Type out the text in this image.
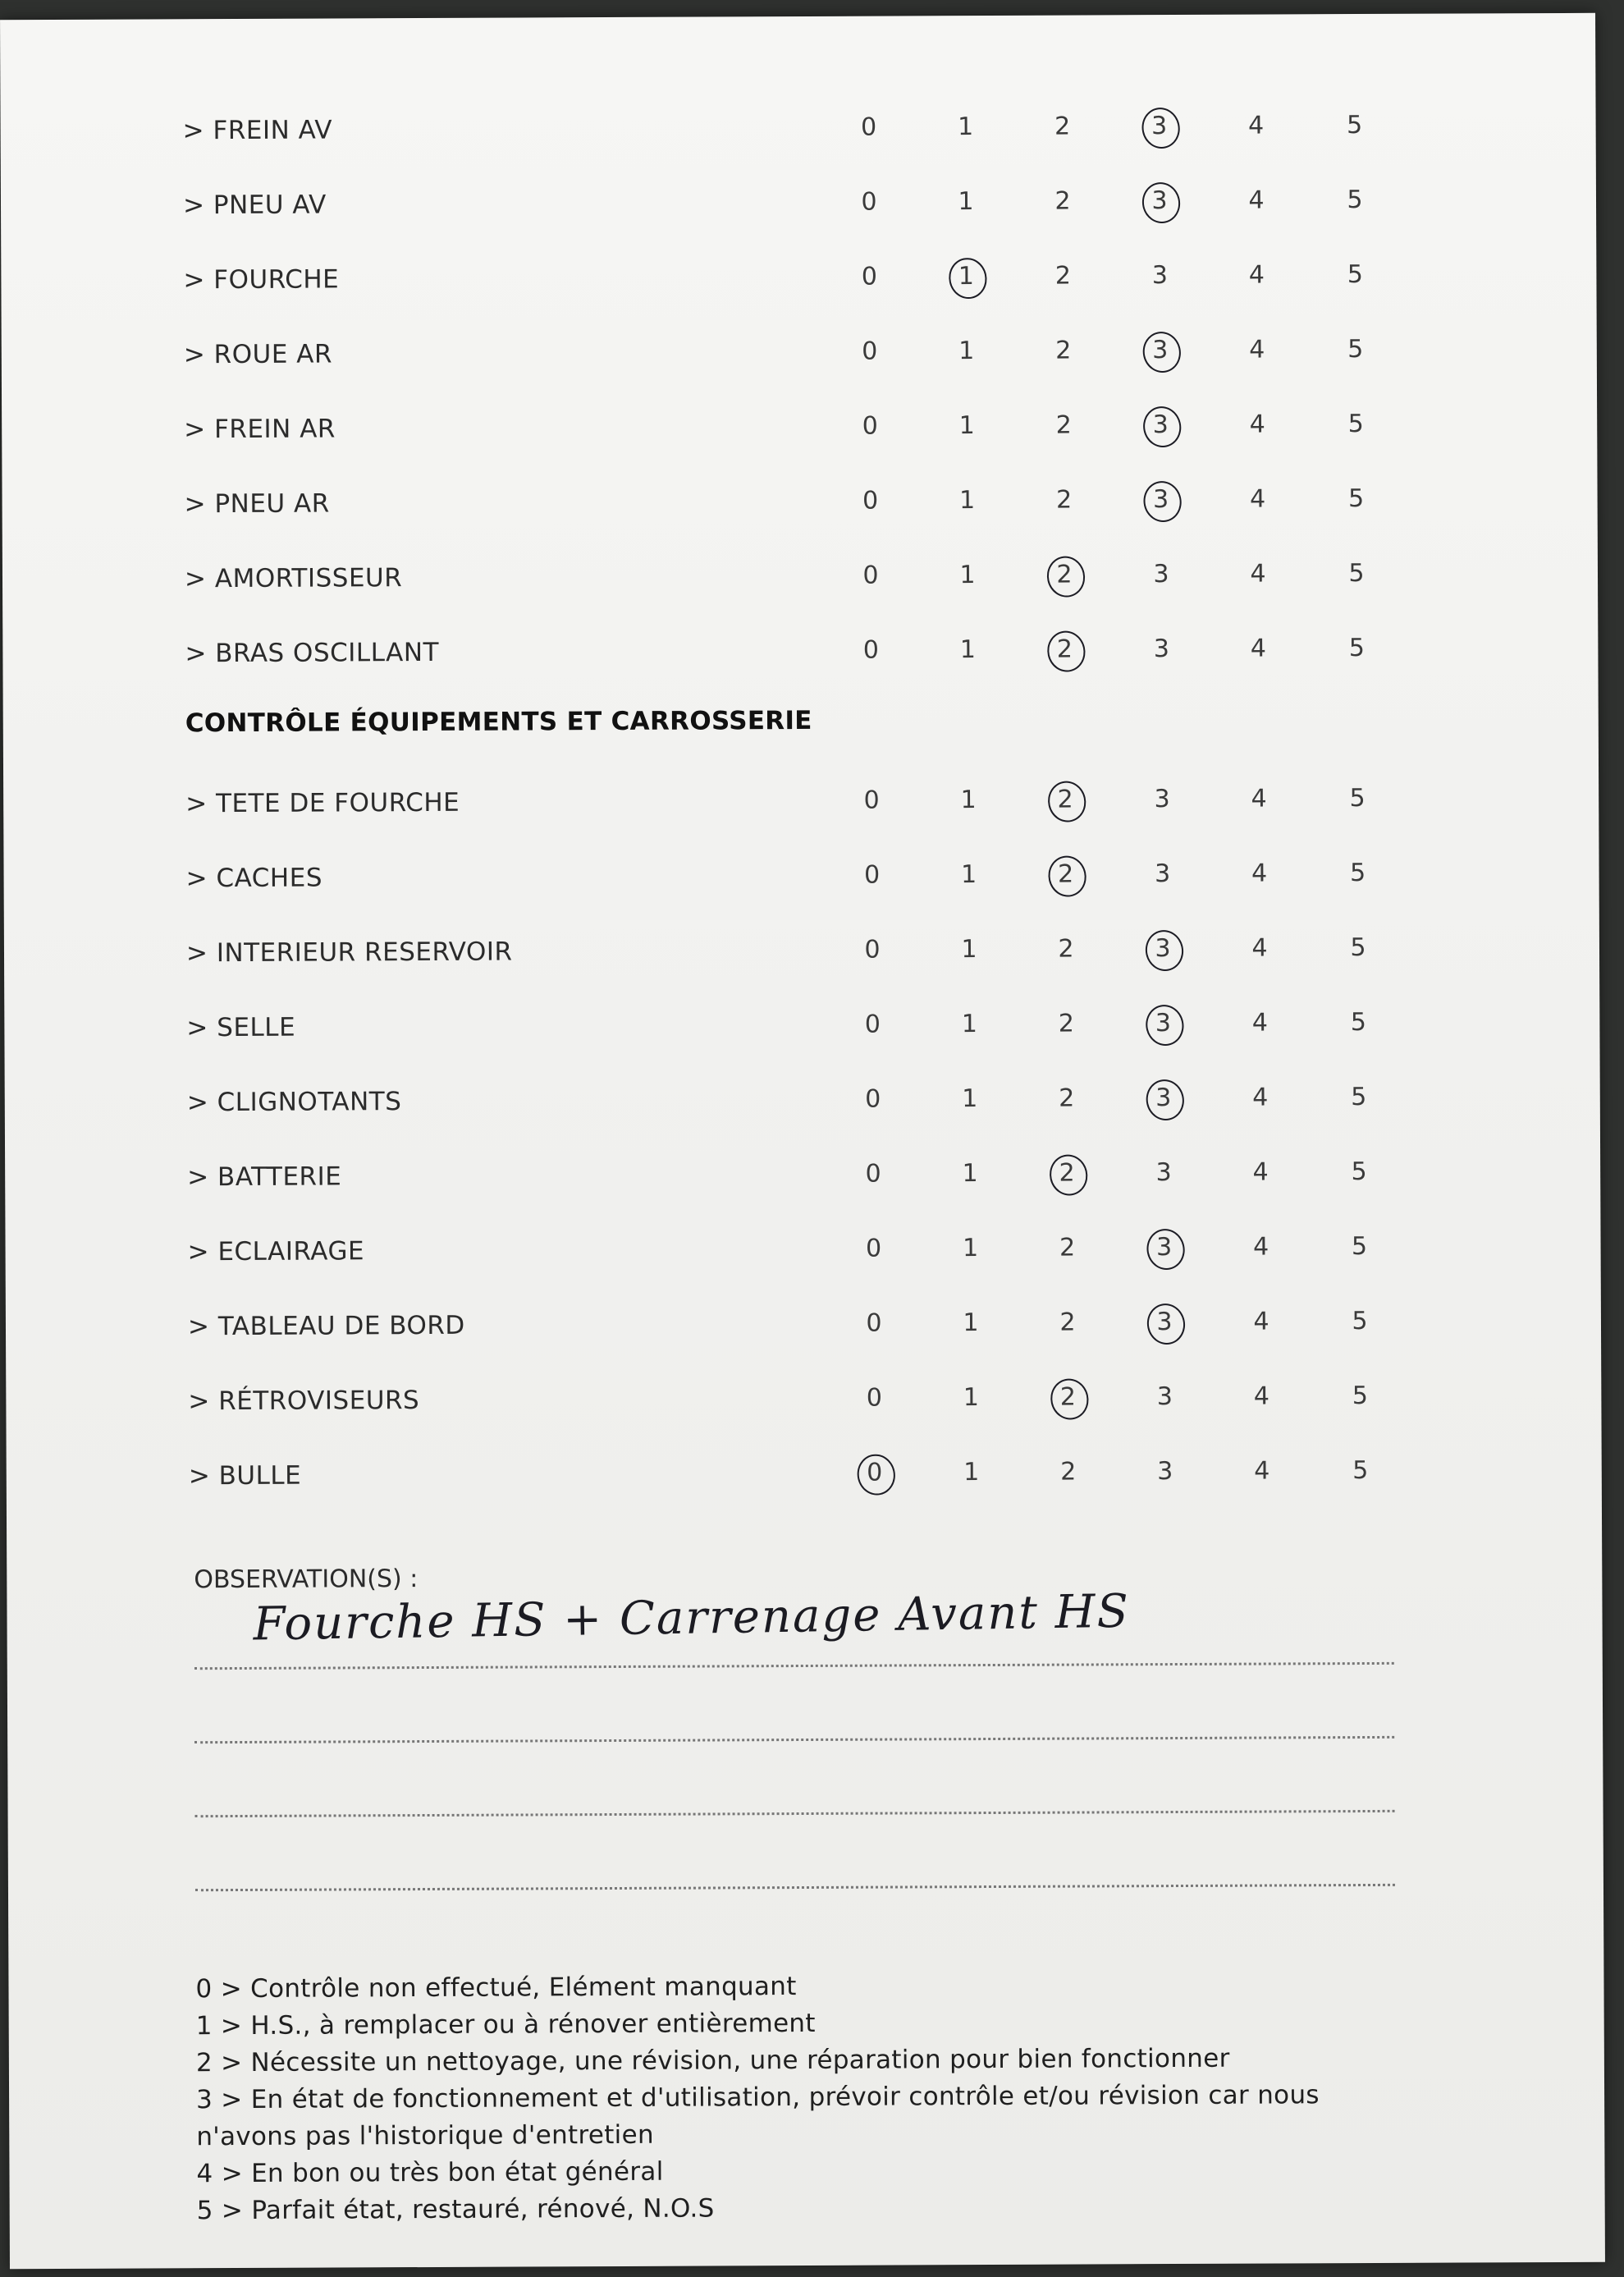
> FREIN AV	0	1	2	3	4	5
> PNEU AV	0	1	2	3	4	5
> FOURCHE	0	1	2	3	4	5
> ROUE AR	0	1	2	3	4	5
> FREIN AR	0	1	2	3	4	5
> PNEU AR	0	1	2	3	4	5
> AMORTISSEUR	0	1	2	3	4	5
> BRAS OSCILLANT	0	1	2	3	4	5
> TETE DE FOURCHE	0	1	2	3	4	5
> CACHES	0	1	2	3	4	5
> INTERIEUR RESERVOIR	0	1	2	3	4	5
> SELLE	0	1	2	3	4	5
> CLIGNOTANTS	0	1	2	3	4	5
> BATTERIE	0	1	2	3	4	5
> ECLAIRAGE	0	1	2	3	4	5
> TABLEAU DE BORD	0	1	2	3	4	5
> RÉTROVISEURS	0	1	2	3	4	5
> BULLE	0	1	2	3	4	5
CONTRÔLE ÉQUIPEMENTS ET CARROSSERIE
OBSERVATION(S) :
Fourche HS + Carrenage Avant HS
0 > Contrôle non effectué, Elément manquant
1 > H.S., à remplacer ou à rénover entièrement
2 > Nécessite un nettoyage, une révision, une réparation pour bien fonctionner
3 > En état de fonctionnement et d'utilisation, prévoir contrôle et/ou révision car nous
n'avons pas l'historique d'entretien
4 > En bon ou très bon état général
5 > Parfait état, restauré, rénové, N.O.S
